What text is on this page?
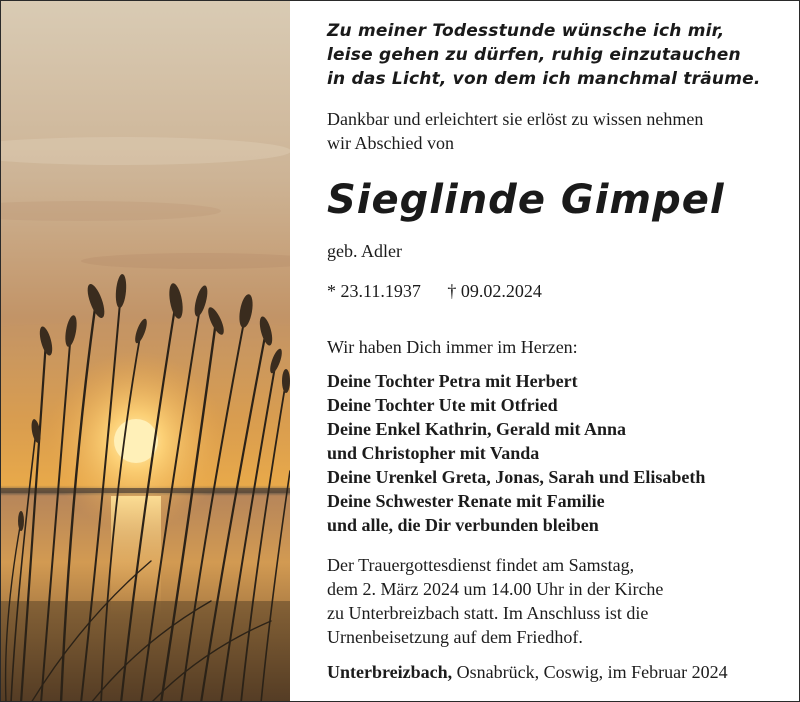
Zu meiner Todesstunde wünsche ich mir,
leise gehen zu dürfen, ruhig einzutauchen
in das Licht, von dem ich manchmal träume.
Dankbar und erleichtert sie erlöst zu wissen nehmen
wir Abschied von
Sieglinde Gimpel
geb. Adler
* 23.11.1937 † 09.02.2024
Wir haben Dich immer im Herzen:
Deine Tochter Petra mit Herbert
Deine Tochter Ute mit Otfried
Deine Enkel Kathrin, Gerald mit Anna
und Christopher mit Vanda
Deine Urenkel Greta, Jonas, Sarah und Elisabeth
Deine Schwester Renate mit Familie
und alle, die Dir verbunden bleiben
Der Trauergottesdienst findet am Samstag,
dem 2. März 2024 um 14.00 Uhr in der Kirche
zu Unterbreizbach statt. Im Anschluss ist die
Urnenbeisetzung auf dem Friedhof.
Unterbreizbach, Osnabrück, Coswig, im Februar 2024
